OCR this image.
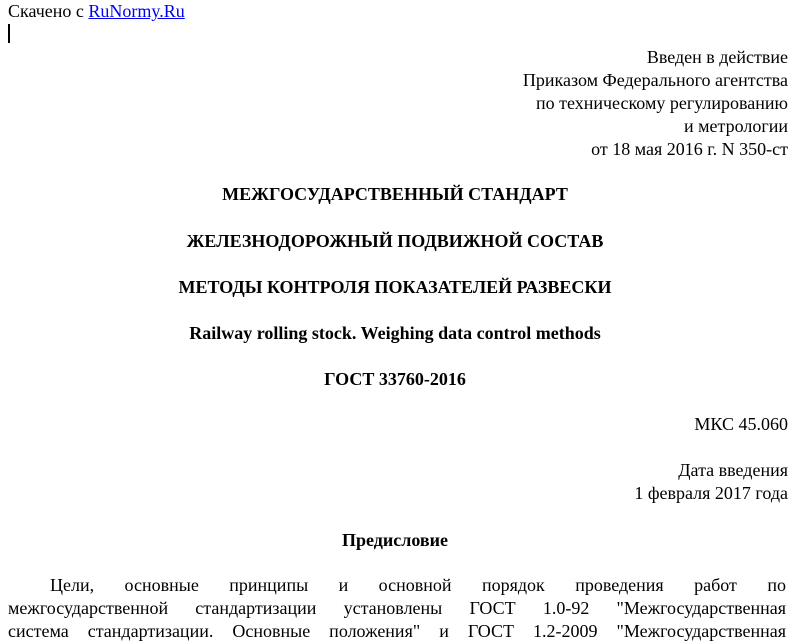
Скачено с RuNormy.Ru
Введен в действие
Приказом Федерального агентства
по техническому регулированию
и метрологии
от 18 мая 2016 г. N 350-ст
МЕЖГОСУДАРСТВЕННЫЙ СТАНДАРТ
ЖЕЛЕЗНОДОРОЖНЫЙ ПОДВИЖНОЙ СОСТАВ
МЕТОДЫ КОНТРОЛЯ ПОКАЗАТЕЛЕЙ РАЗВЕСКИ
Railway rolling stock. Weighing data control methods
ГОСТ 33760-2016
МКС 45.060
Дата введения
1 февраля 2017 года
Предисловие
Цели, основные принципы и основной порядок проведения работ по
межгосударственной стандартизации установлены ГОСТ 1.0-92 "Межгосударственная
система стандартизации. Основные положения" и ГОСТ 1.2-2009 "Межгосударственная
